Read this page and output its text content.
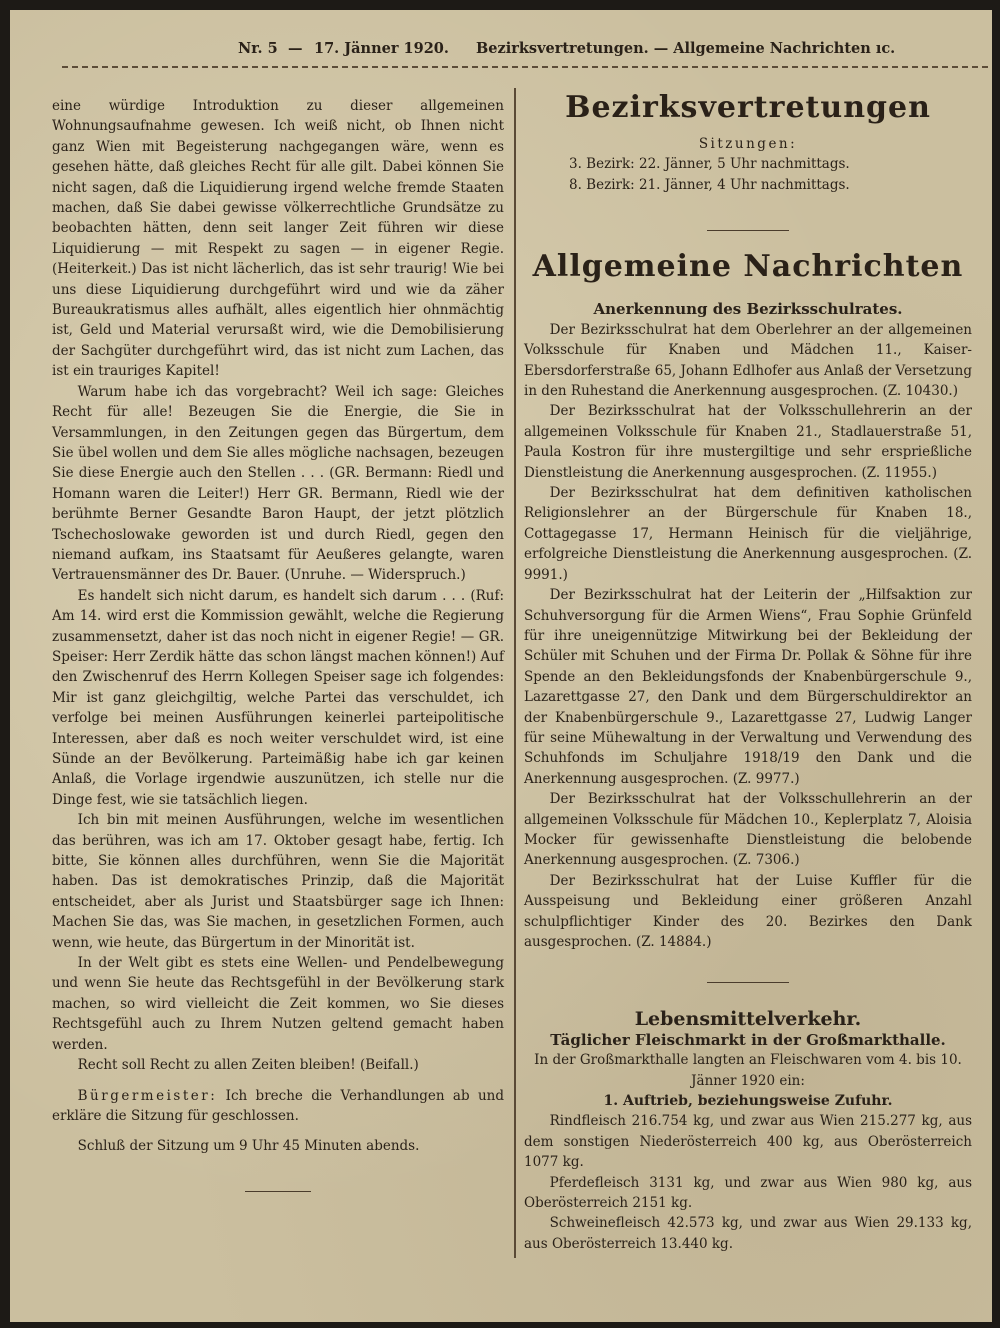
Nr. 5 — 17. Jänner 1920. Bezirksvertretungen. — Allgemeine Nachrichten ıc.

eine würdige Introduktion zu dieser allgemeinen Wohnungsaufnahme gewesen. Ich weiß nicht, ob Ihnen nicht ganz Wien mit Begeisterung nachgegangen wäre, wenn es gesehen hätte, daß gleiches Recht für alle gilt. Dabei können Sie nicht sagen, daß die Liquidierung irgend welche fremde Staaten machen, daß Sie dabei gewisse völkerrechtliche Grundsätze zu beobachten hätten, denn seit langer Zeit führen wir diese Liquidierung — mit Respekt zu sagen — in eigener Regie. (Heiterkeit.) Das ist nicht lächerlich, das ist sehr traurig! Wie bei uns diese Liquidierung durchgeführt wird und wie da zäher Bureaukratismus alles aufhält, alles eigentlich hier ohnmächtig ist, Geld und Material verursaßt wird, wie die Demobilisierung der Sachgüter durchgeführt wird, das ist nicht zum Lachen, das ist ein trauriges Kapitel!

Warum habe ich das vorgebracht? Weil ich sage: Gleiches Recht für alle! Bezeugen Sie die Energie, die Sie in Versammlungen, in den Zeitungen gegen das Bürgertum, dem Sie übel wollen und dem Sie alles mögliche nachsagen, bezeugen Sie diese Energie auch den Stellen . . . (GR. Bermann: Riedl und Homann waren die Leiter!) Herr GR. Bermann, Riedl wie der berühmte Berner Gesandte Baron Haupt, der jetzt plötzlich Tschechoslowake geworden ist und durch Riedl, gegen den niemand aufkam, ins Staatsamt für Aeußeres gelangte, waren Vertrauensmänner des Dr. Bauer. (Unruhe. — Widerspruch.)

Es handelt sich nicht darum, es handelt sich darum . . . (Ruf: Am 14. wird erst die Kommission gewählt, welche die Regierung zusammensetzt, daher ist das noch nicht in eigener Regie! — GR. Speiser: Herr Zerdik hätte das schon längst machen können!) Auf den Zwischenruf des Herrn Kollegen Speiser sage ich folgendes: Mir ist ganz gleichgiltig, welche Partei das verschuldet, ich verfolge bei meinen Ausführungen keinerlei parteipolitische Interessen, aber daß es noch weiter verschuldet wird, ist eine Sünde an der Bevölkerung. Parteimäßig habe ich gar keinen Anlaß, die Vorlage irgendwie auszunützen, ich stelle nur die Dinge fest, wie sie tatsächlich liegen.

Ich bin mit meinen Ausführungen, welche im wesentlichen das berühren, was ich am 17. Oktober gesagt habe, fertig. Ich bitte, Sie können alles durchführen, wenn Sie die Majorität haben. Das ist demokratisches Prinzip, daß die Majorität entscheidet, aber als Jurist und Staatsbürger sage ich Ihnen: Machen Sie das, was Sie machen, in gesetzlichen Formen, auch wenn, wie heute, das Bürgertum in der Minorität ist.

In der Welt gibt es stets eine Wellen- und Pendelbewegung und wenn Sie heute das Rechtsgefühl in der Bevölkerung stark machen, so wird vielleicht die Zeit kommen, wo Sie dieses Rechtsgefühl auch zu Ihrem Nutzen geltend gemacht haben werden.

Recht soll Recht zu allen Zeiten bleiben! (Beifall.)

Bürgermeister: Ich breche die Verhandlungen ab und erkläre die Sitzung für geschlossen.

Schluß der Sitzung um 9 Uhr 45 Minuten abends.

Bezirksvertretungen

Sitzungen:

3. Bezirk: 22. Jänner, 5 Uhr nachmittags.

8. Bezirk: 21. Jänner, 4 Uhr nachmittags.

Allgemeine Nachrichten

Anerkennung des Bezirksschulrates.

Der Bezirksschulrat hat dem Oberlehrer an der allgemeinen Volksschule für Knaben und Mädchen 11., Kaiser-Ebersdorferstraße 65, Johann Edlhofer aus Anlaß der Versetzung in den Ruhestand die Anerkennung ausgesprochen. (Z. 10430.)

Der Bezirksschulrat hat der Volksschullehrerin an der allgemeinen Volksschule für Knaben 21., Stadlauerstraße 51, Paula Kostron für ihre mustergiltige und sehr ersprießliche Dienstleistung die Anerkennung ausgesprochen. (Z. 11955.)

Der Bezirksschulrat hat dem definitiven katholischen Religionslehrer an der Bürgerschule für Knaben 18., Cottagegasse 17, Hermann Heinisch für die vieljährige, erfolgreiche Dienstleistung die Anerkennung ausgesprochen. (Z. 9991.)

Der Bezirksschulrat hat der Leiterin der „Hilfsaktion zur Schuhversorgung für die Armen Wiens“, Frau Sophie Grünfeld für ihre uneigennützige Mitwirkung bei der Bekleidung der Schüler mit Schuhen und der Firma Dr. Pollak & Söhne für ihre Spende an den Bekleidungsfonds der Knabenbürgerschule 9., Lazarettgasse 27, den Dank und dem Bürgerschuldirektor an der Knabenbürgerschule 9., Lazarettgasse 27, Ludwig Langer für seine Mühewaltung in der Verwaltung und Verwendung des Schuhfonds im Schuljahre 1918/19 den Dank und die Anerkennung ausgesprochen. (Z. 9977.)

Der Bezirksschulrat hat der Volksschullehrerin an der allgemeinen Volksschule für Mädchen 10., Keplerplatz 7, Aloisia Mocker für gewissenhafte Dienstleistung die belobende Anerkennung ausgesprochen. (Z. 7306.)

Der Bezirksschulrat hat der Luise Kuffler für die Ausspeisung und Bekleidung einer größeren Anzahl schulpflichtiger Kinder des 20. Bezirkes den Dank ausgesprochen. (Z. 14884.)

Lebensmittelverkehr.

Täglicher Fleischmarkt in der Großmarkthalle.

In der Großmarkthalle langten an Fleischwaren vom 4. bis 10. Jänner 1920 ein:

1. Auftrieb, beziehungsweise Zufuhr.

Rindfleisch 216.754 kg, und zwar aus Wien 215.277 kg, aus dem sonstigen Niederösterreich 400 kg, aus Oberösterreich 1077 kg.

Pferdefleisch 3131 kg, und zwar aus Wien 980 kg, aus Oberösterreich 2151 kg.

Schweinefleisch 42.573 kg, und zwar aus Wien 29.133 kg, aus Oberösterreich 13.440 kg.
